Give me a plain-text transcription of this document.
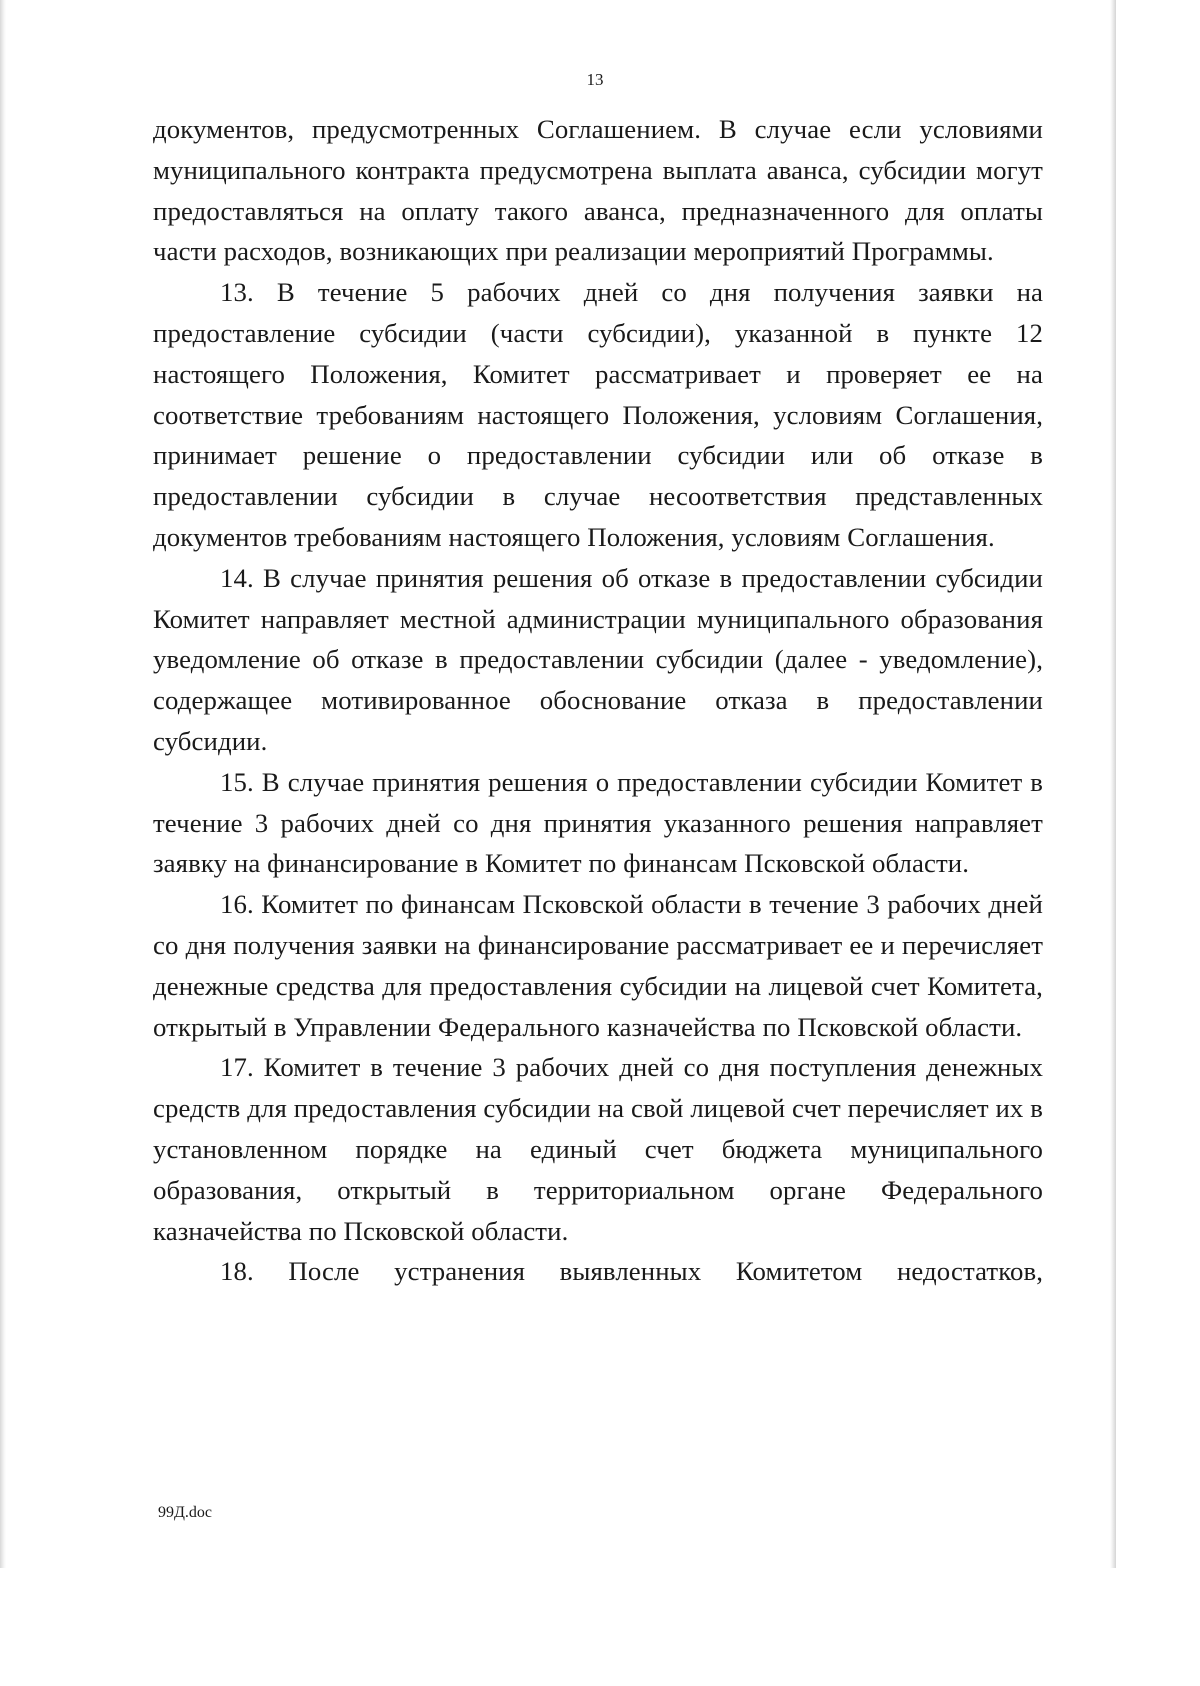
13

документов, предусмотренных Соглашением. В случае если условиями муниципального контракта предусмотрена выплата аванса, субсидии могут предоставляться на оплату такого аванса, предназначенного для оплаты части расходов, возникающих при реализации мероприятий Программы.

13. В течение 5 рабочих дней со дня получения заявки на предоставление субсидии (части субсидии), указанной в пункте 12 настоящего Положения, Комитет рассматривает и проверяет ее на соответствие требованиям настоящего Положения, условиям Соглашения, принимает решение о предоставлении субсидии или об отказе в предоставлении субсидии в случае несоответствия представленных документов требованиям настоящего Положения, условиям Соглашения.

14. В случае принятия решения об отказе в предоставлении субсидии Комитет направляет местной администрации муниципального образования уведомление об отказе в предоставлении субсидии (далее - уведомление), содержащее мотивированное обоснование отказа в предоставлении субсидии.

15. В случае принятия решения о предоставлении субсидии Комитет в течение 3 рабочих дней со дня принятия указанного решения направляет заявку на финансирование в Комитет по финансам Псковской области.

16. Комитет по финансам Псковской области в течение 3 рабочих дней со дня получения заявки на финансирование рассматривает ее и перечисляет денежные средства для предоставления субсидии на лицевой счет Комитета, открытый в Управлении Федерального казначейства по Псковской области.

17. Комитет в течение 3 рабочих дней со дня поступления денежных средств для предоставления субсидии на свой лицевой счет перечисляет их в установленном порядке на единый счет бюджета муниципального образования, открытый в территориальном органе Федерального казначейства по Псковской области.

18. После устранения выявленных Комитетом недостатков,

99Д.doc
